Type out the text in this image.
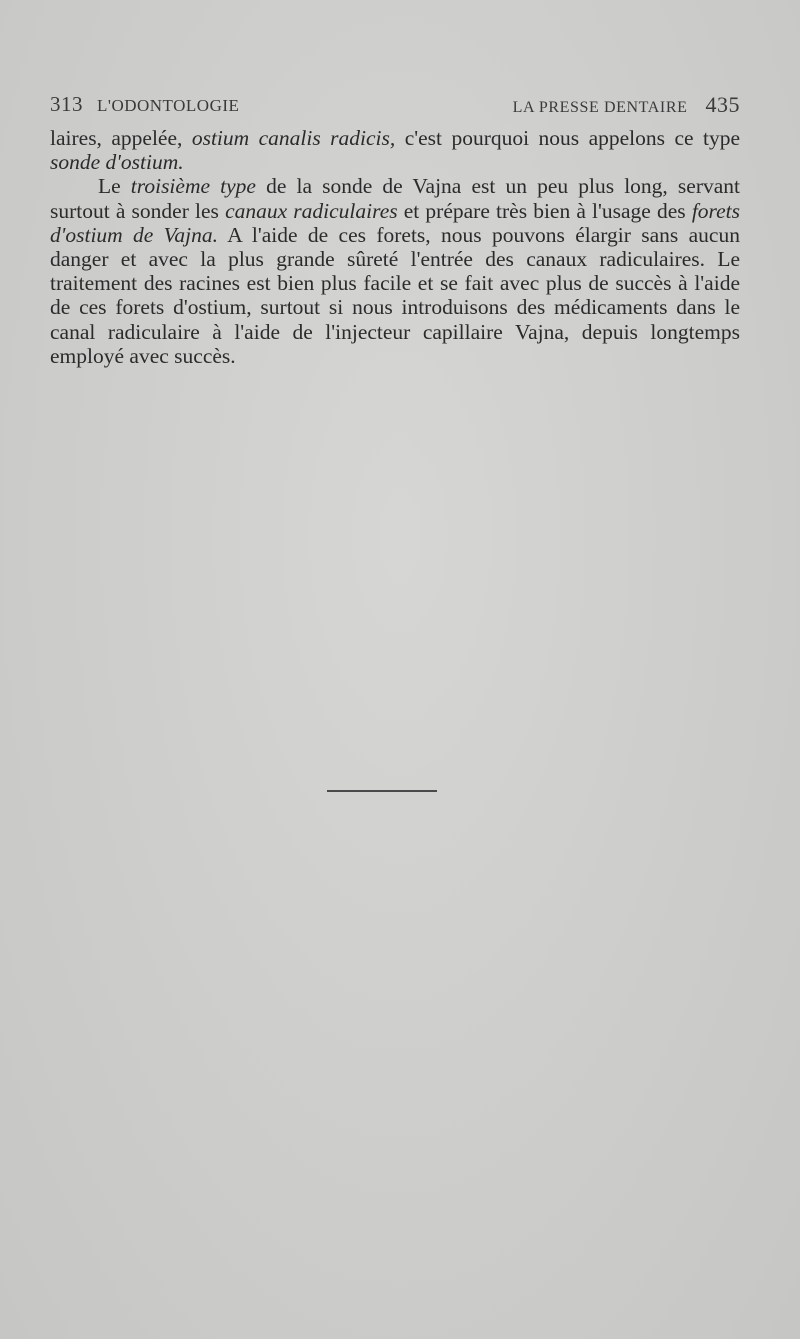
313 L'ODONTOLOGIE	LA PRESSE DENTAIRE 435

laires, appelée, ostium canalis radicis, c'est pourquoi nous appelons ce type sonde d'ostium.

Le troisième type de la sonde de Vajna est un peu plus long, servant surtout à sonder les canaux radiculaires et prépare très bien à l'usage des forets d'ostium de Vajna. A l'aide de ces forets, nous pouvons élargir sans aucun danger et avec la plus grande sûreté l'entrée des canaux radiculaires. Le traitement des racines est bien plus facile et se fait avec plus de succès à l'aide de ces forets d'ostium, surtout si nous introduisons des médicaments dans le canal radiculaire à l'aide de l'injecteur capillaire Vajna, depuis longtemps employé avec succès.
